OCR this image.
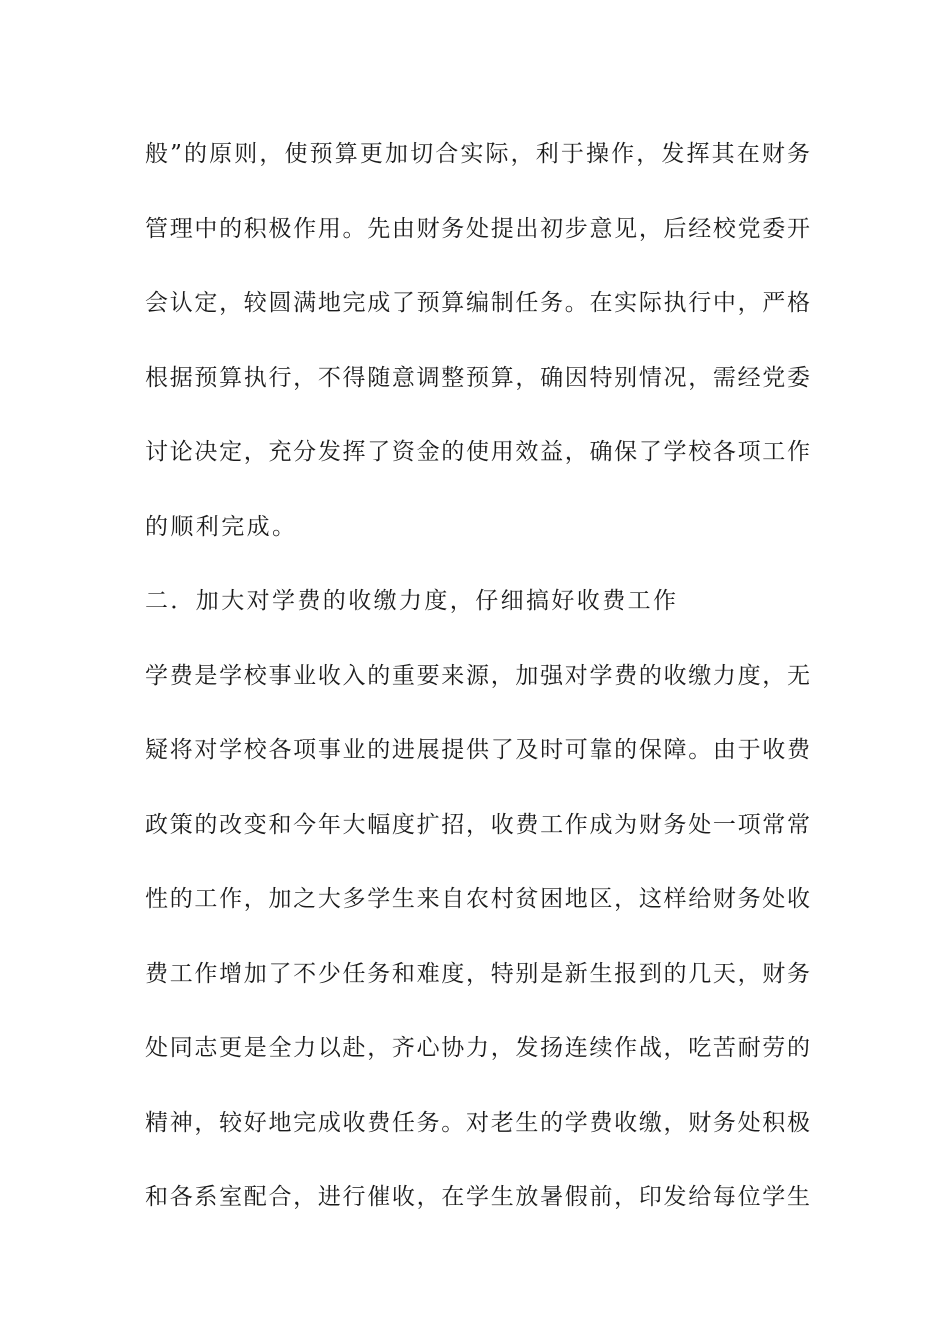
般”的原则，使预算更加切合实际，利于操作，发挥其在财务
管理中的积极作用。先由财务处提出初步意见，后经校党委开
会认定，较圆满地完成了预算编制任务。在实际执行中，严格
根据预算执行，不得随意调整预算，确因特别情况，需经党委
讨论决定，充分发挥了资金的使用效益，确保了学校各项工作
的顺利完成。
二．加大对学费的收缴力度，仔细搞好收费工作
学费是学校事业收入的重要来源，加强对学费的收缴力度，无
疑将对学校各项事业的进展提供了及时可靠的保障。由于收费
政策的改变和今年大幅度扩招，收费工作成为财务处一项常常
性的工作，加之大多学生来自农村贫困地区，这样给财务处收
费工作增加了不少任务和难度，特别是新生报到的几天，财务
处同志更是全力以赴，齐心协力，发扬连续作战，吃苦耐劳的
精神，较好地完成收费任务。对老生的学费收缴，财务处积极
和各系室配合，进行催收，在学生放暑假前，印发给每位学生
